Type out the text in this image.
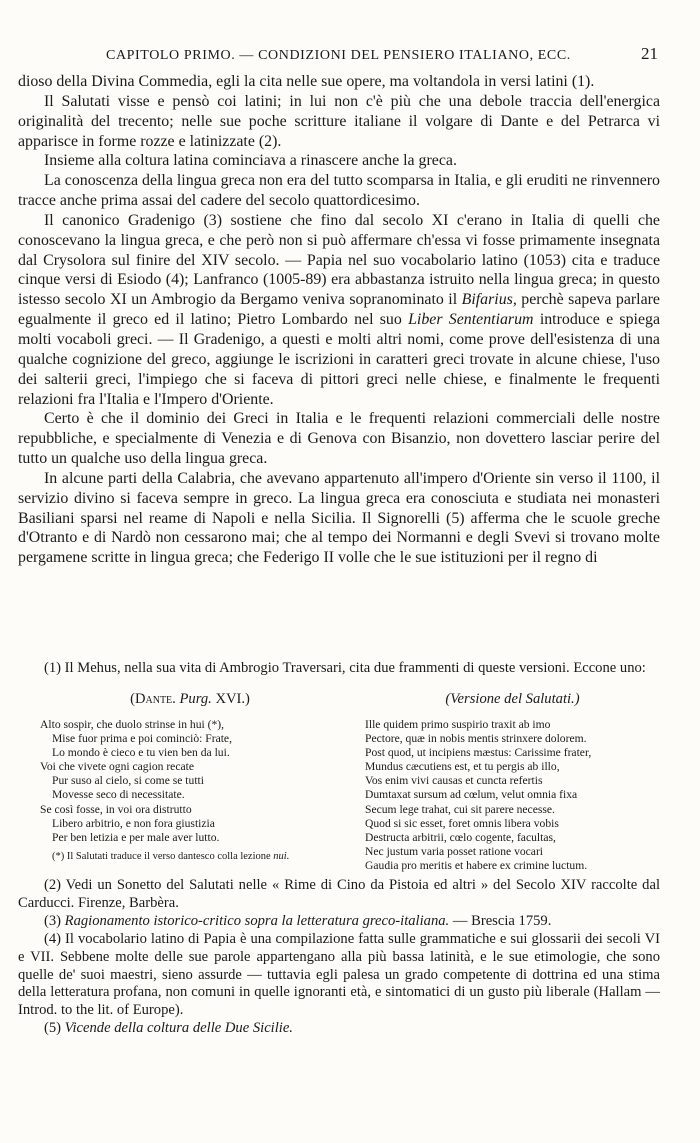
CAPITOLO PRIMO. — CONDIZIONI DEL PENSIERO ITALIANO, ECC.	21

dioso della Divina Commedia, egli la cita nelle sue opere, ma voltandola in versi latini (1).

Il Salutati visse e pensò coi latini; in lui non c'è più che una debole traccia dell'energica originalità del trecento; nelle sue poche scritture italiane il volgare di Dante e del Petrarca vi apparisce in forme rozze e latinizzate (2).

Insieme alla coltura latina cominciava a rinascere anche la greca.

La conoscenza della lingua greca non era del tutto scomparsa in Italia, e gli eruditi ne rinvennero tracce anche prima assai del cadere del secolo quattordicesimo.

Il canonico Gradenigo (3) sostiene che fino dal secolo XI c'erano in Italia di quelli che conoscevano la lingua greca, e che però non si può affermare ch'essa vi fosse primamente insegnata dal Crysolora sul finire del XIV secolo. — Papia nel suo vocabolario latino (1053) cita e traduce cinque versi di Esiodo (4); Lanfranco (1005-89) era abbastanza istruito nella lingua greca; in questo istesso secolo XI un Ambrogio da Bergamo veniva sopranominato il Bifarius, perchè sapeva parlare egualmente il greco ed il latino; Pietro Lombardo nel suo Liber Sententiarum introduce e spiega molti vocaboli greci. — Il Gradenigo, a questi e molti altri nomi, come prove dell'esistenza di una qualche cognizione del greco, aggiunge le iscrizioni in caratteri greci trovate in alcune chiese, l'uso dei salterii greci, l'impiego che si faceva di pittori greci nelle chiese, e finalmente le frequenti relazioni fra l'Italia e l'Impero d'Oriente.

Certo è che il dominio dei Greci in Italia e le frequenti relazioni commerciali delle nostre repubbliche, e specialmente di Venezia e di Genova con Bisanzio, non dovettero lasciar perire del tutto un qualche uso della lingua greca.

In alcune parti della Calabria, che avevano appartenuto all'impero d'Oriente sin verso il 1100, il servizio divino si faceva sempre in greco. La lingua greca era conosciuta e studiata nei monasteri Basiliani sparsi nel reame di Napoli e nella Sicilia. Il Signorelli (5) afferma che le scuole greche d'Otranto e di Nardò non cessarono mai; che al tempo dei Normanni e degli Svevi si trovano molte pergamene scritte in lingua greca; che Federigo II volle che le sue istituzioni per il regno di

(1) Il Mehus, nella sua vita di Ambrogio Traversari, cita due frammenti di queste versioni. Eccone uno:

(Dante. Purg. XVI.)
Alto sospir, che duolo strinse in hui (*),
Mise fuor prima e poi cominciò: Frate,
Lo mondo è cieco e tu vien ben da lui.
Voi che vivete ogni cagion recate
Pur suso al cielo, si come se tutti
Movesse seco di necessitate.
Se così fosse, in voi ora distrutto
Libero arbitrio, e non fora giustizia
Per ben letizia e per male aver lutto.
(*) Il Salutati traduce il verso dantesco colla lezione nui.
(Versione del Salutati.)
Ille quidem primo suspirio traxit ab imo
Pectore, quæ in nobis mentis strinxere dolorem.
Post quod, ut incipiens mæstus: Carissime frater,
Mundus cæcutiens est, et tu pergis ab illo,
Vos enim vivi causas et cuncta refertis
Dumtaxat sursum ad cœlum, velut omnia fixa
Secum lege trahat, cui sit parere necesse.
Quod si sic esset, foret omnis libera vobis
Destructa arbitrii, cœlo cogente, facultas,
Nec justum varia posset ratione vocari
Gaudia pro meritis et habere ex crimine luctum.

(2) Vedi un Sonetto del Salutati nelle « Rime di Cino da Pistoia ed altri » del Secolo XIV raccolte dal Carducci. Firenze, Barbèra.

(3) Ragionamento istorico-critico sopra la letteratura greco-italiana. — Brescia 1759.

(4) Il vocabolario latino di Papia è una compilazione fatta sulle grammatiche e sui glossarii dei secoli VI e VII. Sebbene molte delle sue parole appartengano alla più bassa latinità, e le sue etimologie, che sono quelle de' suoi maestri, sieno assurde — tuttavia egli palesa un grado competente di dottrina ed una stima della letteratura profana, non comuni in quelle ignoranti età, e sintomatici di un gusto più liberale (Hallam — Introd. to the lit. of Europe).

(5) Vicende della coltura delle Due Sicilie.
